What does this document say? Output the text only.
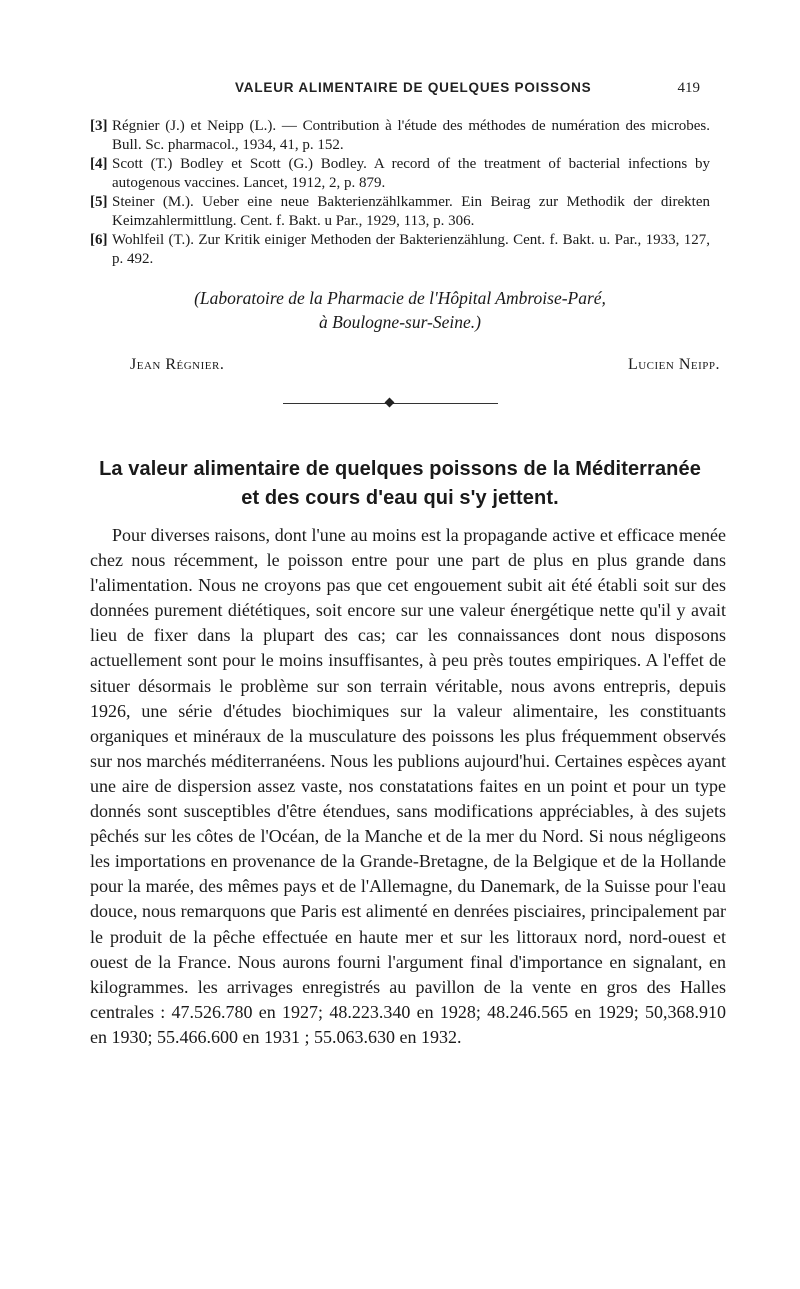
VALEUR ALIMENTAIRE DE QUELQUES POISSONS	419
[3] Régnier (J.) et Neipp (L.). — Contribution à l'étude des méthodes de numération des microbes. Bull. Sc. pharmacol., 1934, 41, p. 152.
[4] Scott (T.) Bodley et Scott (G.) Bodley. A record of the treatment of bacterial infections by autogenous vaccines. Lancet, 1912, 2, p. 879.
[5] Steiner (M.). Ueber eine neue Bakterienzählkammer. Ein Beirag zur Methodik der direkten Keimzahlermittlung. Cent. f. Bakt. u Par., 1929, 113, p. 306.
[6] Wohlfeil (T.). Zur Kritik einiger Methoden der Bakterienzählung. Cent. f. Bakt. u. Par., 1933, 127, p. 492.
(Laboratoire de la Pharmacie de l'Hôpital Ambroise-Paré,
à Boulogne-sur-Seine.)
Jean Régnier.	Lucien Neipp.
La valeur alimentaire de quelques poissons de la Méditerranée
et des cours d'eau qui s'y jettent.

Pour diverses raisons, dont l'une au moins est la propagande active et efficace menée chez nous récemment, le poisson entre pour une part de plus en plus grande dans l'alimentation. Nous ne croyons pas que cet engouement subit ait été établi soit sur des données purement diététiques, soit encore sur une valeur énergétique nette qu'il y avait lieu de fixer dans la plupart des cas; car les connaissances dont nous disposons actuellement sont pour le moins insuffisantes, à peu près toutes empiriques. A l'effet de situer désormais le problème sur son terrain véritable, nous avons entrepris, depuis 1926, une série d'études biochimiques sur la valeur alimentaire, les constituants organiques et minéraux de la musculature des poissons les plus fréquemment observés sur nos marchés méditerranéens. Nous les publions aujourd'hui. Certaines espèces ayant une aire de dispersion assez vaste, nos constatations faites en un point et pour un type donnés sont susceptibles d'être étendues, sans modifications appréciables, à des sujets pêchés sur les côtes de l'Océan, de la Manche et de la mer du Nord. Si nous négligeons les importations en provenance de la Grande-Bretagne, de la Belgique et de la Hollande pour la marée, des mêmes pays et de l'Allemagne, du Danemark, de la Suisse pour l'eau douce, nous remarquons que Paris est alimenté en denrées pisciaires, principalement par le produit de la pêche effectuée en haute mer et sur les littoraux nord, nord-ouest et ouest de la France. Nous aurons fourni l'argument final d'importance en signalant, en kilogrammes. les arrivages enregistrés au pavillon de la vente en gros des Halles centrales : 47.526.780 en 1927; 48.223.340 en 1928; 48.246.565 en 1929; 50,368.910 en 1930; 55.466.600 en 1931 ; 55.063.630 en 1932.
